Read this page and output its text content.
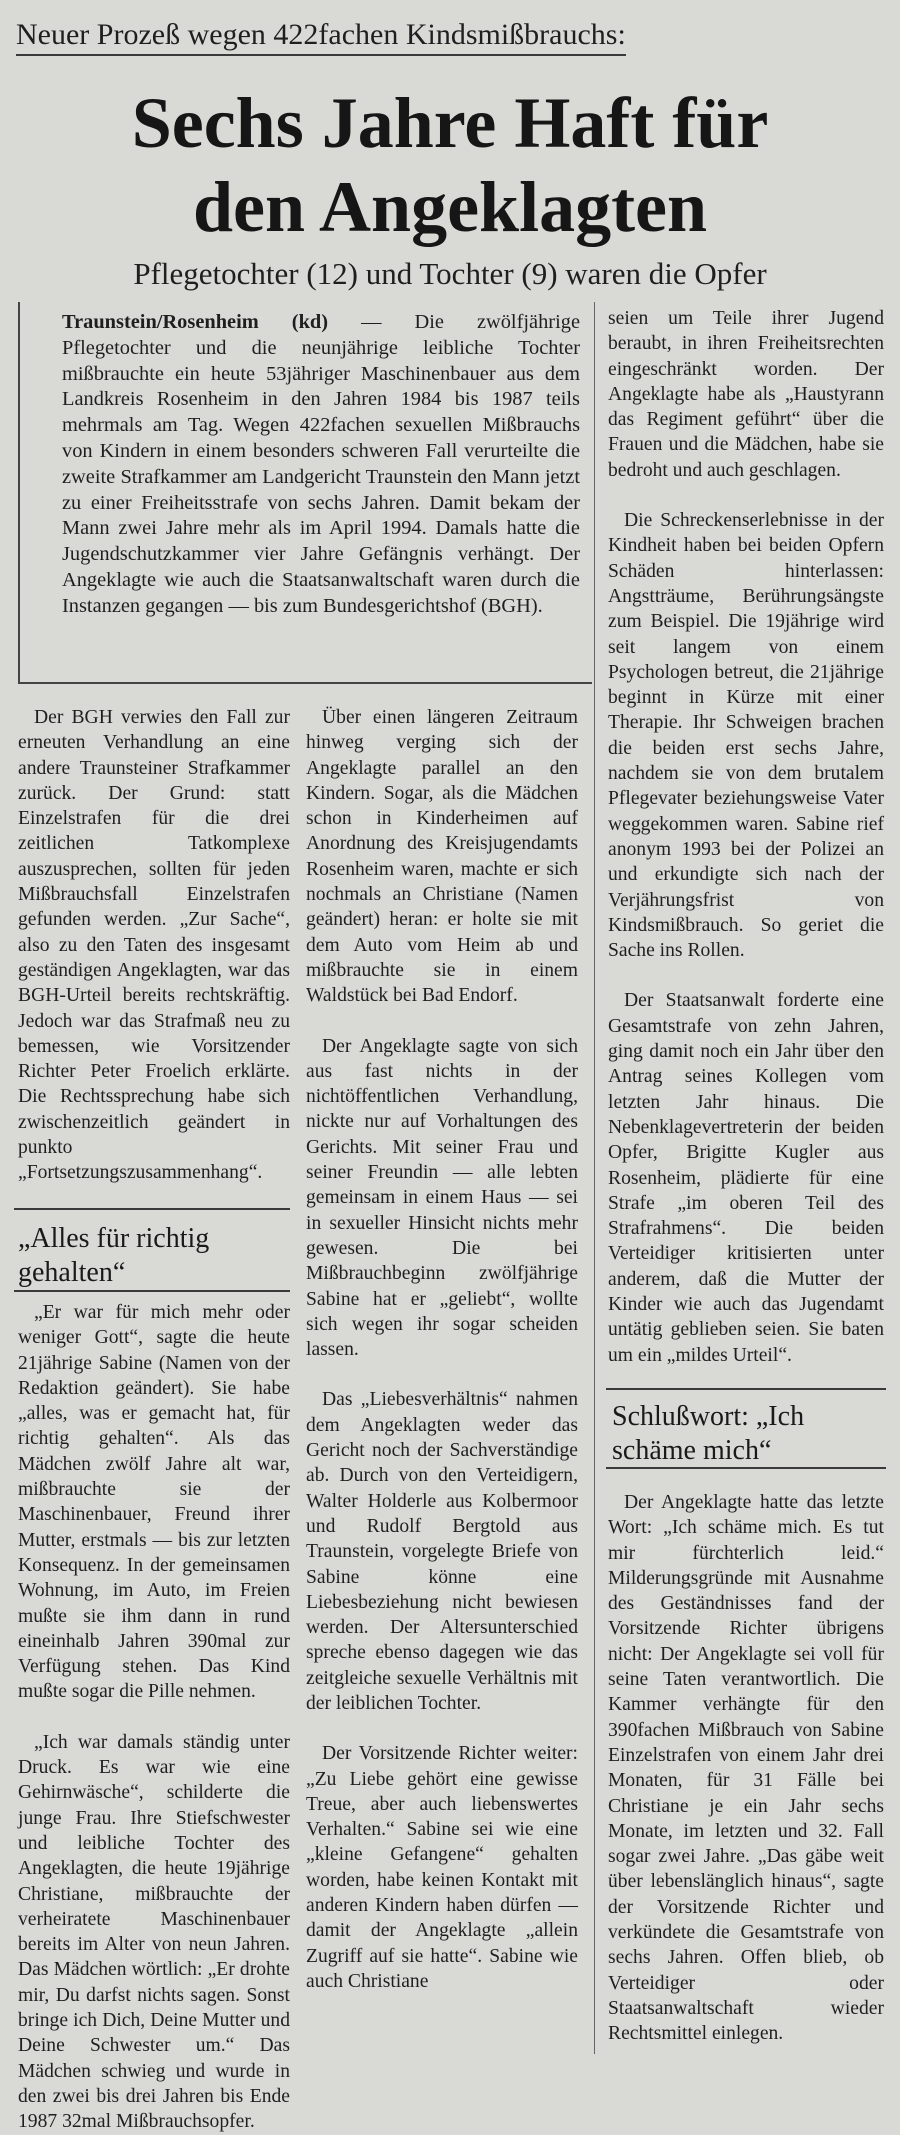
Neuer Prozeß wegen 422fachen Kindsmißbrauchs:
Sechs Jahre Haft für
den Angeklagten
Pflegetochter (12) und Tochter (9) waren die Opfer

Traunstein/Rosenheim (kd) — Die zwölfjährige Pflegetochter und die neunjährige leibliche Tochter mißbrauchte ein heute 53jähriger Maschinenbauer aus dem Landkreis Rosenheim in den Jahren 1984 bis 1987 teils mehrmals am Tag. Wegen 422fachen sexuellen Mißbrauchs von Kindern in einem besonders schweren Fall verurteilte die zweite Strafkammer am Landgericht Traunstein den Mann jetzt zu einer Freiheitsstrafe von sechs Jahren. Damit bekam der Mann zwei Jahre mehr als im April 1994. Damals hatte die Jugendschutzkammer vier Jahre Gefängnis verhängt. Der Angeklagte wie auch die Staatsanwaltschaft waren durch die Instanzen gegangen — bis zum Bundesgerichtshof (BGH).

Der BGH verwies den Fall zur erneuten Verhandlung an eine andere Traunsteiner Strafkammer zurück. Der Grund: statt Einzelstrafen für die drei zeitlichen Tatkomplexe auszusprechen, sollten für jeden Mißbrauchsfall Einzelstrafen gefunden werden. „Zur Sache“, also zu den Taten des insgesamt geständigen Angeklagten, war das BGH-Urteil bereits rechtskräftig. Jedoch war das Strafmaß neu zu bemessen, wie Vorsitzender Richter Peter Froelich erklärte. Die Rechtssprechung habe sich zwischenzeitlich geändert in punkto „Fortsetzungszusammenhang“.

„Alles für richtig gehalten“

„Er war für mich mehr oder weniger Gott“, sagte die heute 21jährige Sabine (Namen von der Redaktion geändert). Sie habe „alles, was er gemacht hat, für richtig gehalten“. Als das Mädchen zwölf Jahre alt war, mißbrauchte sie der Maschinenbauer, Freund ihrer Mutter, erstmals — bis zur letzten Konsequenz. In der gemeinsamen Wohnung, im Auto, im Freien mußte sie ihm dann in rund eineinhalb Jahren 390mal zur Verfügung stehen. Das Kind mußte sogar die Pille nehmen.

„Ich war damals ständig unter Druck. Es war wie eine Gehirnwäsche“, schilderte die junge Frau. Ihre Stiefschwester und leibliche Tochter des Angeklagten, die heute 19jährige Christiane, mißbrauchte der verheiratete Maschinenbauer bereits im Alter von neun Jahren. Das Mädchen wörtlich: „Er drohte mir, Du darfst nichts sagen. Sonst bringe ich Dich, Deine Mutter und Deine Schwester um.“ Das Mädchen schwieg und wurde in den zwei bis drei Jahren bis Ende 1987 32mal Mißbrauchsopfer.

Über einen längeren Zeitraum hinweg verging sich der Angeklagte parallel an den Kindern. Sogar, als die Mädchen schon in Kinderheimen auf Anordnung des Kreisjugendamts Rosenheim waren, machte er sich nochmals an Christiane (Namen geändert) heran: er holte sie mit dem Auto vom Heim ab und mißbrauchte sie in einem Waldstück bei Bad Endorf.

Der Angeklagte sagte von sich aus fast nichts in der nichtöffentlichen Verhandlung, nickte nur auf Vorhaltungen des Gerichts. Mit seiner Frau und seiner Freundin — alle lebten gemeinsam in einem Haus — sei in sexueller Hinsicht nichts mehr gewesen. Die bei Mißbrauchbeginn zwölfjährige Sabine hat er „geliebt“, wollte sich wegen ihr sogar scheiden lassen.

Das „Liebesverhältnis“ nahmen dem Angeklagten weder das Gericht noch der Sachverständige ab. Durch von den Verteidigern, Walter Holderle aus Kolbermoor und Rudolf Bergtold aus Traunstein, vorgelegte Briefe von Sabine könne eine Liebesbeziehung nicht bewiesen werden. Der Altersunterschied spreche ebenso dagegen wie das zeitgleiche sexuelle Verhältnis mit der leiblichen Tochter.

Der Vorsitzende Richter weiter: „Zu Liebe gehört eine gewisse Treue, aber auch liebenswertes Verhalten.“ Sabine sei wie eine „kleine Gefangene“ gehalten worden, habe keinen Kontakt mit anderen Kindern haben dürfen — damit der Angeklagte „allein Zugriff auf sie hatte“. Sabine wie auch Christiane

seien um Teile ihrer Jugend beraubt, in ihren Freiheitsrechten eingeschränkt worden. Der Angeklagte habe als „Haustyrann das Regiment geführt“ über die Frauen und die Mädchen, habe sie bedroht und auch geschlagen.

Die Schreckenserlebnisse in der Kindheit haben bei beiden Opfern Schäden hinterlassen: Angstträume, Berührungsängste zum Beispiel. Die 19jährige wird seit langem von einem Psychologen betreut, die 21jährige beginnt in Kürze mit einer Therapie. Ihr Schweigen brachen die beiden erst sechs Jahre, nachdem sie von dem brutalem Pflegevater beziehungsweise Vater weggekommen waren. Sabine rief anonym 1993 bei der Polizei an und erkundigte sich nach der Verjährungsfrist von Kindsmißbrauch. So geriet die Sache ins Rollen.

Der Staatsanwalt forderte eine Gesamtstrafe von zehn Jahren, ging damit noch ein Jahr über den Antrag seines Kollegen vom letzten Jahr hinaus. Die Nebenklagevertreterin der beiden Opfer, Brigitte Kugler aus Rosenheim, plädierte für eine Strafe „im oberen Teil des Strafrahmens“. Die beiden Verteidiger kritisierten unter anderem, daß die Mutter der Kinder wie auch das Jugendamt untätig geblieben seien. Sie baten um ein „mildes Urteil“.

Schlußwort: „Ich schäme mich“

Der Angeklagte hatte das letzte Wort: „Ich schäme mich. Es tut mir fürchterlich leid.“ Milderungsgründe mit Ausnahme des Geständnisses fand der Vorsitzende Richter übrigens nicht: Der Angeklagte sei voll für seine Taten verantwortlich. Die Kammer verhängte für den 390fachen Mißbrauch von Sabine Einzelstrafen von einem Jahr drei Monaten, für 31 Fälle bei Christiane je ein Jahr sechs Monate, im letzten und 32. Fall sogar zwei Jahre. „Das gäbe weit über lebenslänglich hinaus“, sagte der Vorsitzende Richter und verkündete die Gesamtstrafe von sechs Jahren. Offen blieb, ob Verteidiger oder Staatsanwaltschaft wieder Rechtsmittel einlegen.
